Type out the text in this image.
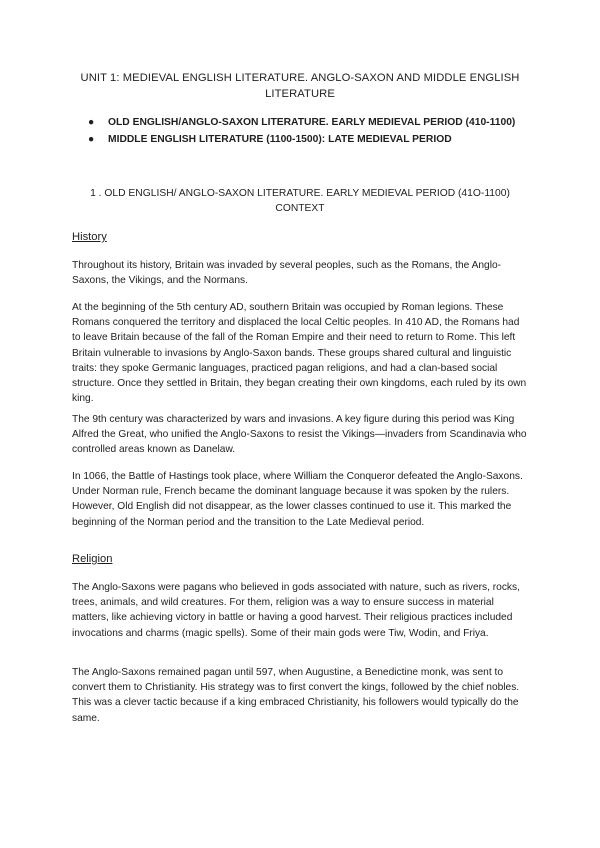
UNIT 1: MEDIEVAL ENGLISH LITERATURE. ANGLO-SAXON AND MIDDLE ENGLISH LITERATURE
● OLD ENGLISH/ANGLO-SAXON LITERATURE. EARLY MEDIEVAL PERIOD (410-1100)
● MIDDLE ENGLISH LITERATURE (1100-1500): LATE MEDIEVAL PERIOD
1 . OLD ENGLISH/ ANGLO-SAXON LITERATURE. EARLY MEDIEVAL PERIOD (41O-1100) CONTEXT
History

Throughout its history, Britain was invaded by several peoples, such as the Romans, the Anglo-Saxons, the Vikings, and the Normans.

At the beginning of the 5th century AD, southern Britain was occupied by Roman legions. These Romans conquered the territory and displaced the local Celtic peoples. In 410 AD, the Romans had to leave Britain because of the fall of the Roman Empire and their need to return to Rome. This left Britain vulnerable to invasions by Anglo-Saxon bands. These groups shared cultural and linguistic traits: they spoke Germanic languages, practiced pagan religions, and had a clan-based social structure. Once they settled in Britain, they began creating their own kingdoms, each ruled by its own king.

The 9th century was characterized by wars and invasions. A key figure during this period was King Alfred the Great, who unified the Anglo-Saxons to resist the Vikings—invaders from Scandinavia who controlled areas known as Danelaw.

In 1066, the Battle of Hastings took place, where William the Conqueror defeated the Anglo-Saxons. Under Norman rule, French became the dominant language because it was spoken by the rulers. However, Old English did not disappear, as the lower classes continued to use it. This marked the beginning of the Norman period and the transition to the Late Medieval period.

Religion

The Anglo-Saxons were pagans who believed in gods associated with nature, such as rivers, rocks, trees, animals, and wild creatures. For them, religion was a way to ensure success in material matters, like achieving victory in battle or having a good harvest. Their religious practices included invocations and charms (magic spells). Some of their main gods were Tiw, Wodin, and Friya.

The Anglo-Saxons remained pagan until 597, when Augustine, a Benedictine monk, was sent to convert them to Christianity. His strategy was to first convert the kings, followed by the chief nobles. This was a clever tactic because if a king embraced Christianity, his followers would typically do the same.
